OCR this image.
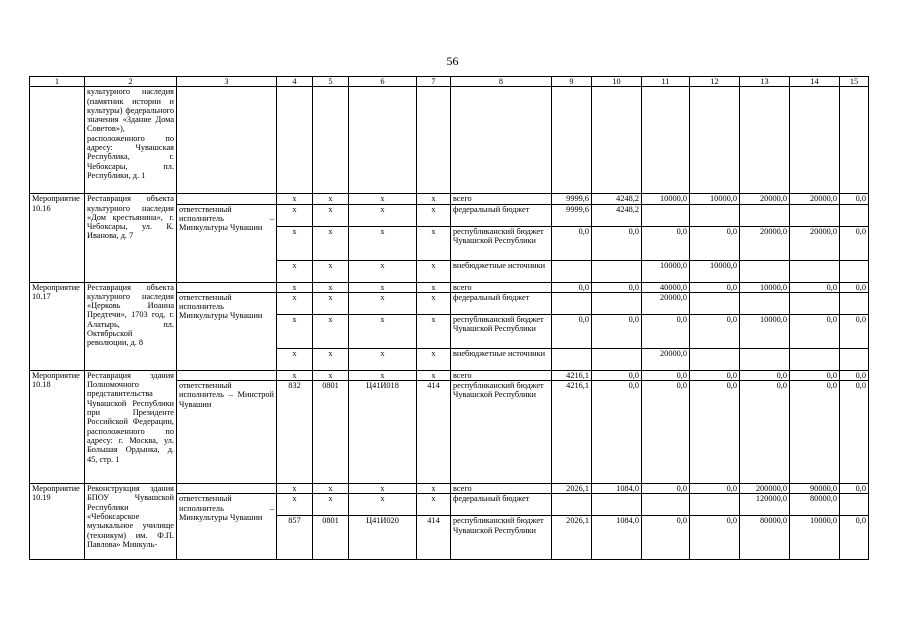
56
1	2	3	4	5	6	7	8	9	10	11	12	13	14	15
	культурного наследия (памятник истории и культуры) федерального значения «Здание Дома Советов»), расположенного по адресу: Чувашская Республика, г. Чебоксары, пл. Республики, д. 1													
Мероприятие 10.16	Реставрация объекта культурного наследия «Дом крестьянина», г. Чебоксары, ул. К. Иванова, д. 7		x	x	x	x	всего	9999,6	4248,2	10000,0	10000,0	20000,0	20000,0	0,0
		ответственный исполнитель – Минкультуры Чувашии	x	x	x	x	федеральный бюджет	9999,6	4248,2					
			x	x	x	x	республиканский бюджет Чувашской Республики	0,0	0,0	0,0	0,0	20000,0	20000,0	0,0
			x	x	x	x	внебюджетные источники			10000,0	10000,0			
Мероприятие 10.17	Реставрация объекта культурного наследия «Церковь Иоанна Предтечи», 1703 год, г. Алатырь, пл. Октябрьской революции, д. 8		x	x	x	x	всего	0,0	0,0	40000,0	0,0	10000,0	0,0	0,0
		ответственный исполнитель Минкультуры Чувашии	x	x	x	x	федеральный бюджет			20000,0				
			x	x	x	x	республиканский бюджет Чувашской Республики	0,0	0,0	0,0	0,0	10000,0	0,0	0,0
			x	x	x	x	внебюджетные источники			20000,0				
Мероприятие 10.18	Реставрация здания Полномочного представительства Чувашской Республики при Президенте Российской Федерации, расположенного по адресу: г. Москва, ул. Большая Ордынка, д. 45, стр. 1		x	x	x	x	всего	4216,1	0,0	0,0	0,0	0,0	0,0	0,0
		ответственный исполнитель – Минстрой Чувашии	832	0801	Ц41И018	414	республиканский бюджет Чувашской Республики	4216,1	0,0	0,0	0,0	0,0	0,0	0,0
Мероприятие 10.19	Реконструкция здания БПОУ Чувашской Республики «Чебоксарское музыкальное училище (техникум) им. Ф.П. Павлова» Минкуль-		x	x	x	x	всего	2026,1	1084,0	0,0	0,0	200000,0	90000,0	0,0
		ответственный исполнитель – Минкультуры Чувашии	x	x	x	x	федеральный бюджет					120000,0	80000,0	
			857	0801	Ц41И020	414	республиканский бюджет Чувашской Республики	2026,1	1084,0	0,0	0,0	80000,0	10000,0	0,0
